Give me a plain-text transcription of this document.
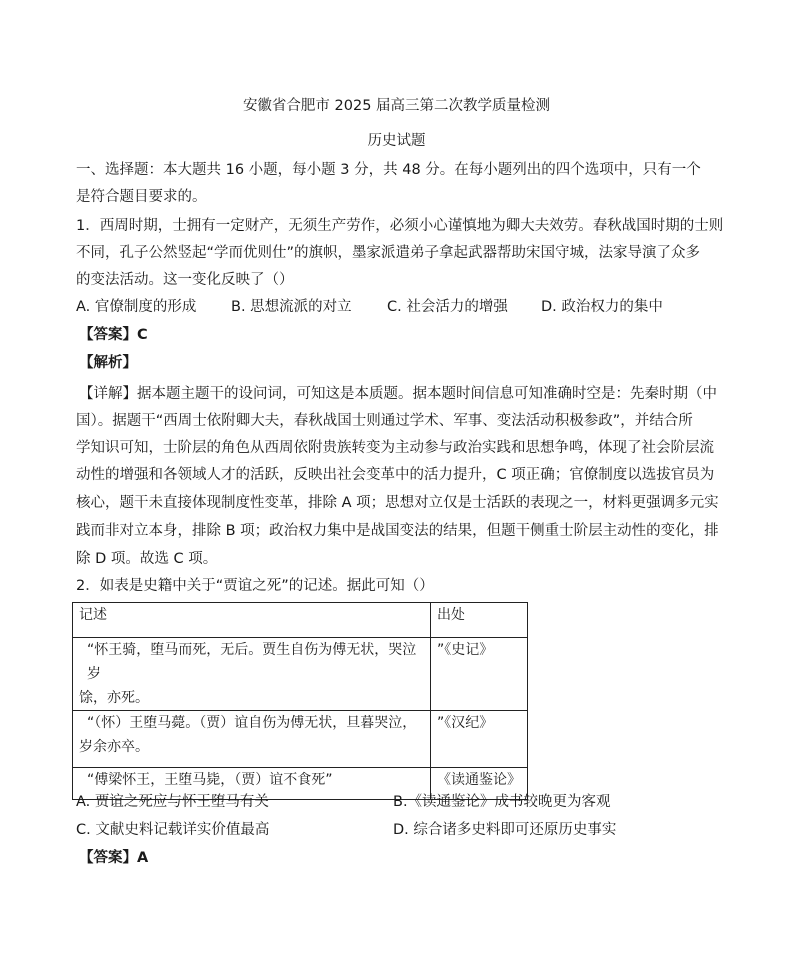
安徽省合肥市 2025 届高三第二次教学质量检测
历史试题
一、选择题：本大题共 16 小题，每小题 3 分，共 48 分。在每小题列出的四个选项中，只有一个
是符合题目要求的。
1．西周时期，士拥有一定财产，无须生产劳作，必须小心谨慎地为卿大夫效劳。春秋战国时期的士则
不同，孔子公然竖起“学而优则仕”的旗帜，墨家派遣弟子拿起武器帮助宋国守城，法家导演了众多
的变法活动。这一变化反映了（）
A. 官僚制度的形成 B. 思想流派的对立 C. 社会活力的增强 D. 政治权力的集中
【答案】C
【解析】
【详解】据本题主题干的设问词，可知这是本质题。据本题时间信息可知准确时空是：先秦时期（中
国）。据题干“西周士依附卿大夫，春秋战国士则通过学术、军事、变法活动积极参政”，并结合所
学知识可知，士阶层的角色从西周依附贵族转变为主动参与政治实践和思想争鸣，体现了社会阶层流
动性的增强和各领域人才的活跃，反映出社会变革中的活力提升，C 项正确；官僚制度以选拔官员为
核心，题干未直接体现制度性变革，排除 A 项；思想对立仅是士活跃的表现之一，材料更强调多元实
践而非对立本身，排除 B 项；政治权力集中是战国变法的结果，但题干侧重士阶层主动性的变化，排
除 D 项。故选 C 项。
2．如表是史籍中关于“贾谊之死”的记述。据此可知（）
记述	出处

“怀王骑，堕马而死，无后。贾生自伤为傅无状，哭泣岁
馀，亦死。	”《史记》

“（怀）王堕马薨。（贾）谊自伤为傅无状，旦暮哭泣，
岁余亦卒。	”《汉纪》

“傅梁怀王，王堕马毙，（贾）谊不食死”	《读通鉴论》
A. 贾谊之死应与怀王堕马有关	B.《读通鉴论》成书较晚更为客观
C. 文献史料记载详实价值最高	D. 综合诸多史料即可还原历史事实
【答案】A
